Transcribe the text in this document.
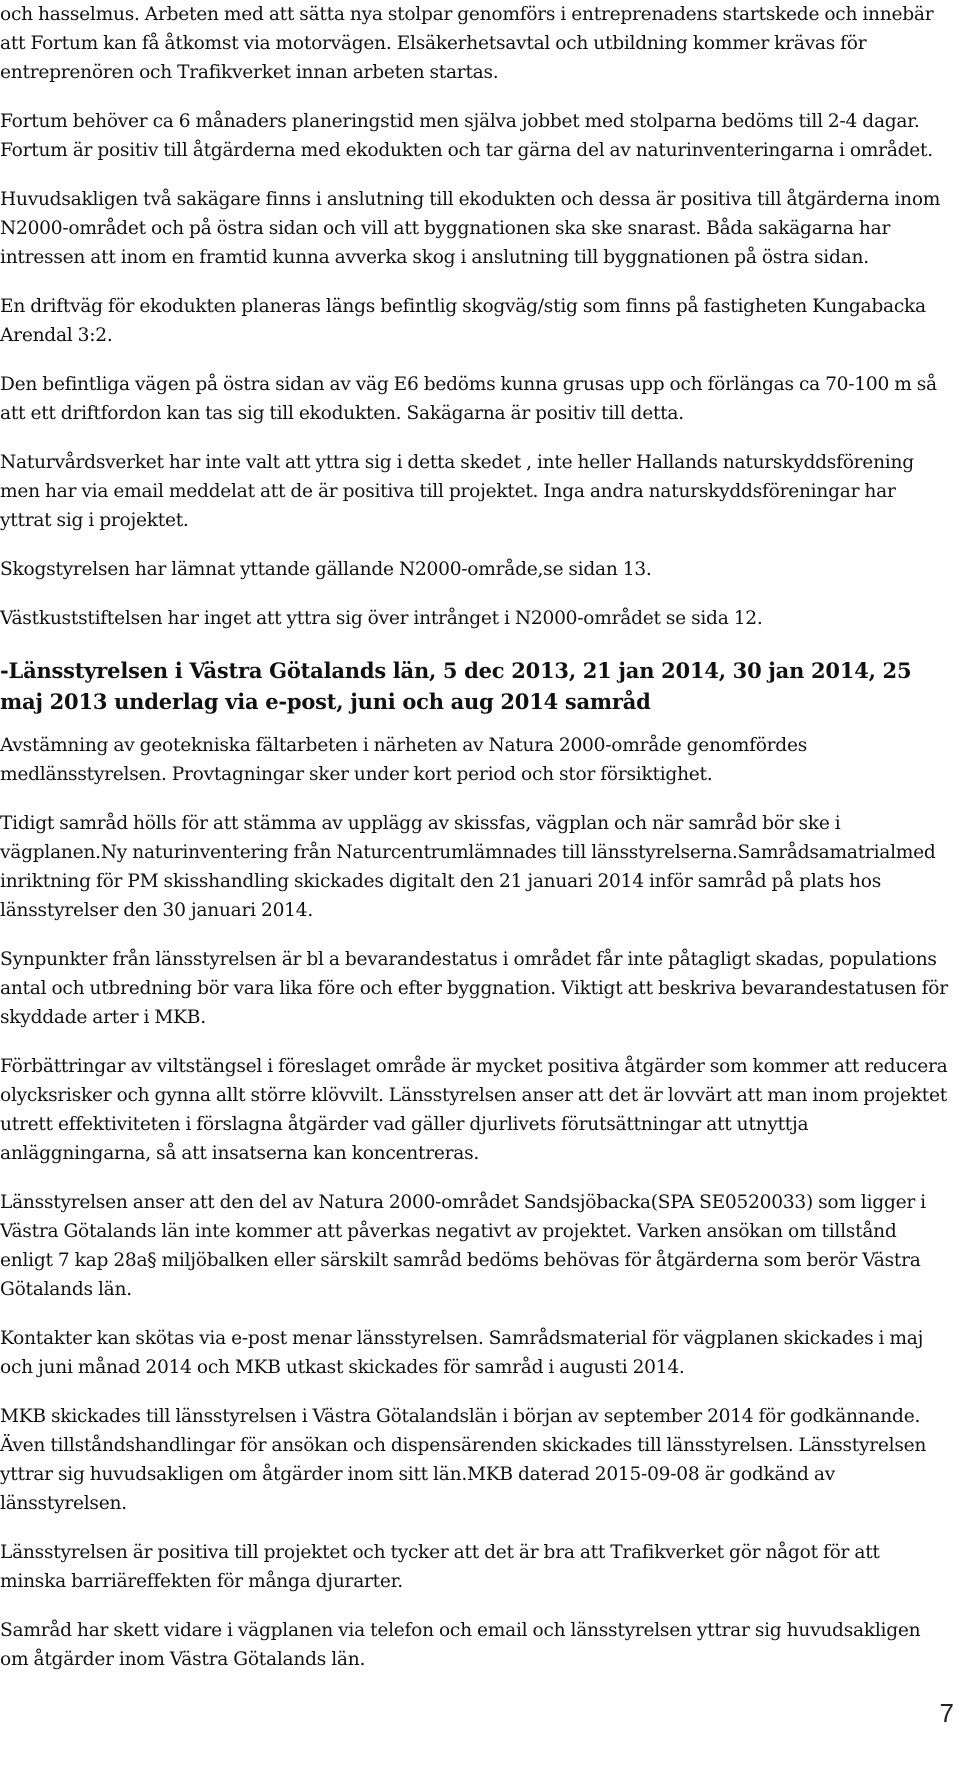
och hasselmus. Arbeten med att sätta nya stolpar genomförs i entreprenadens startskede och innebär att Fortum kan få åtkomst via motorvägen. Elsäkerhetsavtal och utbildning kommer krävas för entreprenören och Trafikverket innan arbeten startas.

Fortum behöver ca 6 månaders planeringstid men själva jobbet med stolparna bedöms till 2-4 dagar. Fortum är positiv till åtgärderna med ekodukten och tar gärna del av naturinventeringarna i området.

Huvudsakligen två sakägare finns i anslutning till ekodukten och dessa är positiva till åtgärderna inom N2000-området och på östra sidan och vill att byggnationen ska ske snarast. Båda sakägarna har intressen att inom en framtid kunna avverka skog i anslutning till byggnationen på östra sidan.

En driftväg för ekodukten planeras längs befintlig skogväg/stig som finns på fastigheten Kungabacka Arendal 3:2.

Den befintliga vägen på östra sidan av väg E6 bedöms kunna grusas upp och förlängas ca 70-100 m så att ett driftfordon kan tas sig till ekodukten. Sakägarna är positiv till detta.

Naturvårdsverket har inte valt att yttra sig i detta skedet , inte heller Hallands naturskyddsförening men har via email meddelat att de är positiva till projektet. Inga andra naturskyddsföreningar har yttrat sig i projektet.

Skogstyrelsen har lämnat yttande gällande N2000-område,se sidan 13.

Västkuststiftelsen har inget att yttra sig över intrånget i N2000-området se sida 12.

-Länsstyrelsen i Västra Götalands län, 5 dec 2013, 21 jan 2014, 30 jan 2014, 25 maj 2013 underlag via e-post, juni och aug 2014 samråd

Avstämning av geotekniska fältarbeten i närheten av Natura 2000-område genomfördes medlänsstyrelsen. Provtagningar sker under kort period och stor försiktighet.

Tidigt samråd hölls för att stämma av upplägg av skissfas, vägplan och när samråd bör ske i vägplanen.Ny naturinventering från Naturcentrumlämnades till länsstyrelserna.Samrådsamatrialmed inriktning för PM skisshandling skickades digitalt den 21 januari 2014 inför samråd på plats hos länsstyrelser den 30 januari 2014.

Synpunkter från länsstyrelsen är bl a bevarandestatus i området får inte påtagligt skadas, populations antal och utbredning bör vara lika före och efter byggnation. Viktigt att beskriva bevarandestatusen för skyddade arter i MKB.

Förbättringar av viltstängsel i föreslaget område är mycket positiva åtgärder som kommer att reducera olycksrisker och gynna allt större klövvilt. Länsstyrelsen anser att det är lovvärt att man inom projektet utrett effektiviteten i förslagna åtgärder vad gäller djurlivets förutsättningar att utnyttja anläggningarna, så att insatserna kan koncentreras.

Länsstyrelsen anser att den del av Natura 2000-området Sandsjöbacka(SPA SE0520033) som ligger i Västra Götalands län inte kommer att påverkas negativt av projektet. Varken ansökan om tillstånd enligt 7 kap 28a§ miljöbalken eller särskilt samråd bedöms behövas för åtgärderna som berör Västra Götalands län.

Kontakter kan skötas via e-post menar länsstyrelsen. Samrådsmaterial för vägplanen skickades i maj och juni månad 2014 och MKB utkast skickades för samråd i augusti 2014.

MKB skickades till länsstyrelsen i Västra Götalandslän i början av september 2014 för godkännande. Även tillståndshandlingar för ansökan och dispensärenden skickades till länsstyrelsen. Länsstyrelsen yttrar sig huvudsakligen om åtgärder inom sitt län.MKB daterad 2015-09-08 är godkänd av länsstyrelsen.

Länsstyrelsen är positiva till projektet och tycker att det är bra att Trafikverket gör något för att minska barriäreffekten för många djurarter.

Samråd har skett vidare i vägplanen via telefon och email och länsstyrelsen yttrar sig huvudsakligen om åtgärder inom Västra Götalands län.

7
